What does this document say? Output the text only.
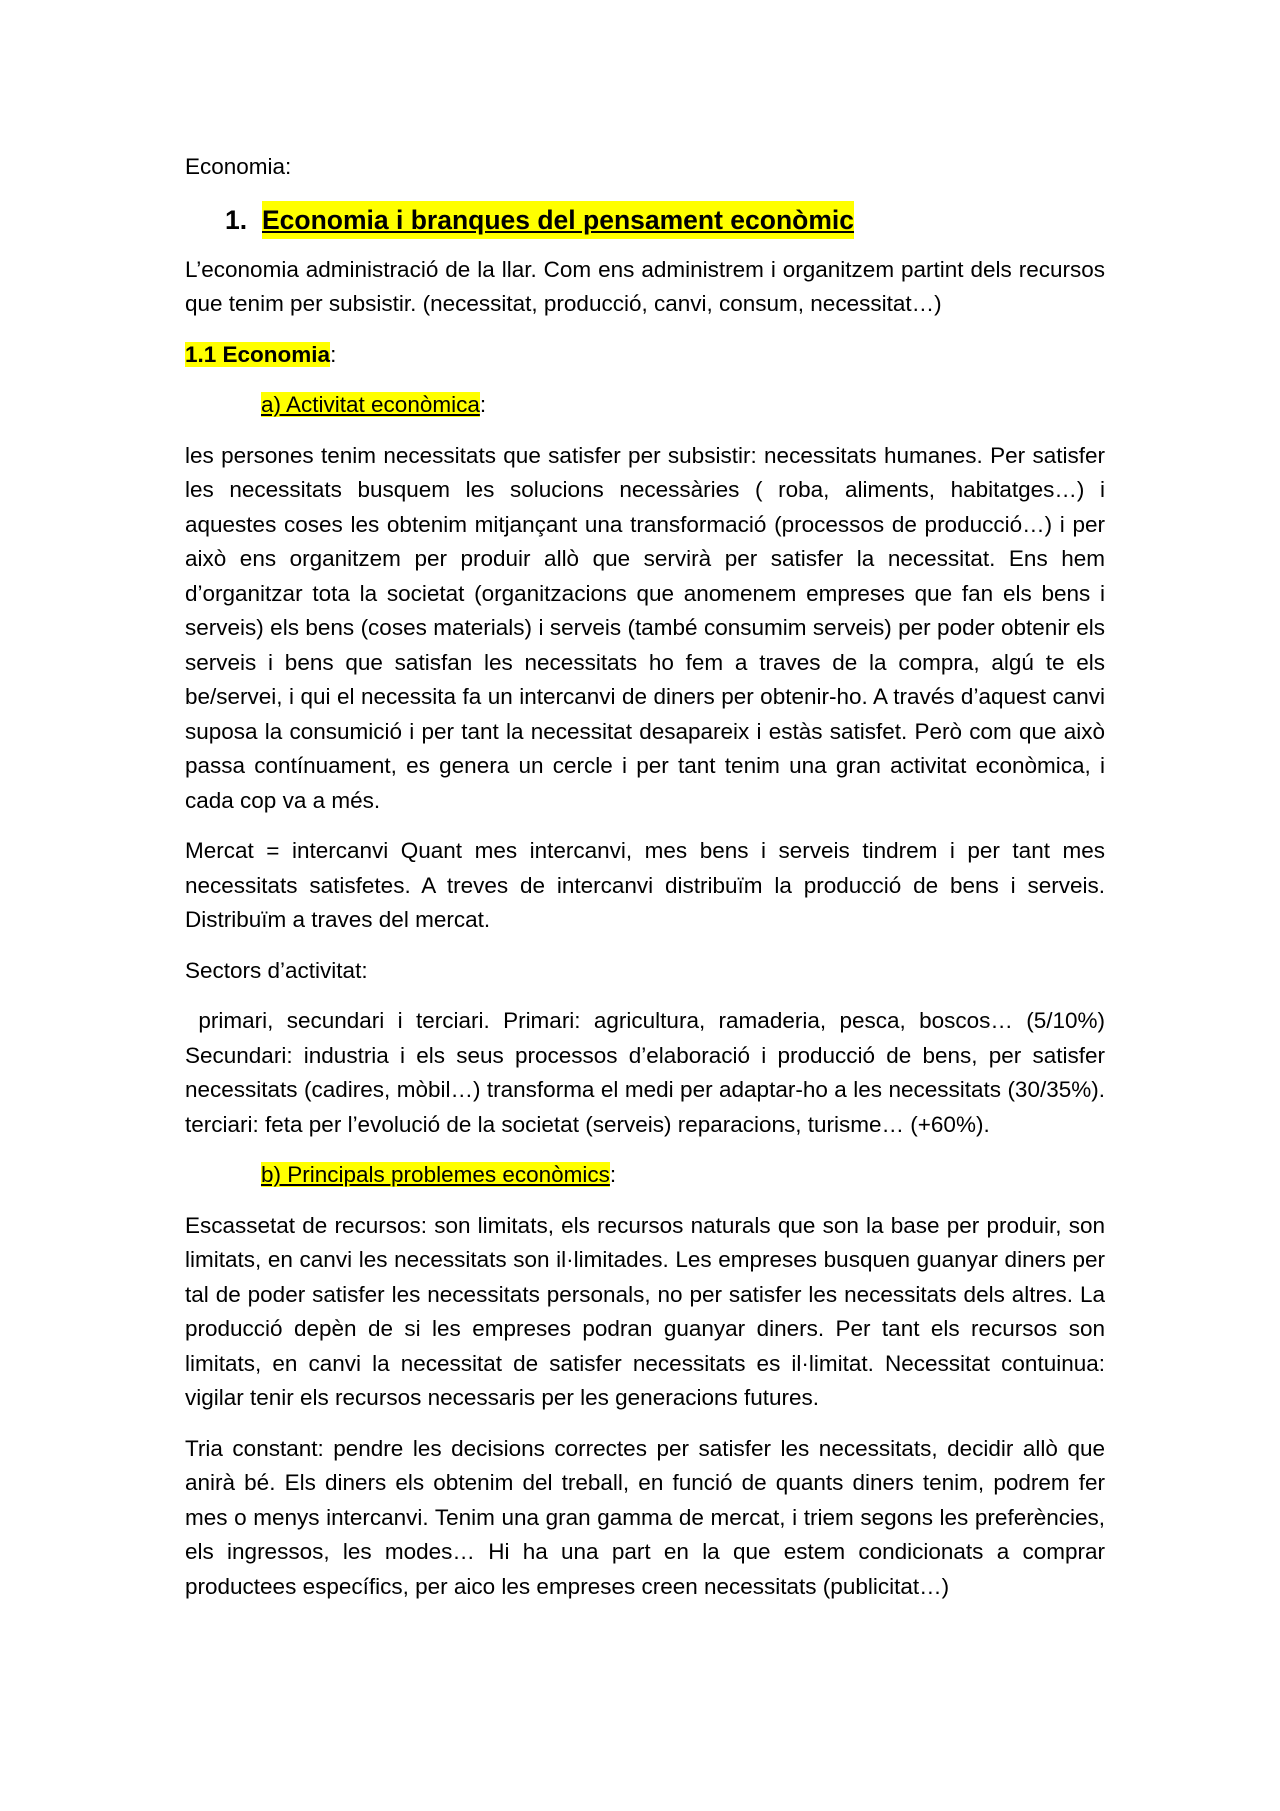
Economia:

1. Economia i branques del pensament econòmic

L’economia administració de la llar. Com ens administrem i organitzem partint dels recursos que tenim per subsistir. (necessitat, producció, canvi, consum, necessitat…)

1.1 Economia:

a) Activitat econòmica:

les persones tenim necessitats que satisfer per subsistir: necessitats humanes. Per satisfer les necessitats busquem les solucions necessàries ( roba, aliments, habitatges…) i aquestes coses les obtenim mitjançant una transformació (processos de producció…) i per això ens organitzem per produir allò que servirà per satisfer la necessitat. Ens hem d’organitzar tota la societat (organitzacions que anomenem empreses que fan els bens i serveis) els bens (coses materials) i serveis (també consumim serveis) per poder obtenir els serveis i bens que satisfan les necessitats ho fem a traves de la compra, algú te els be/servei, i qui el necessita fa un intercanvi de diners per obtenir-ho. A través d’aquest canvi suposa la consumició i per tant la necessitat desapareix i estàs satisfet. Però com que això passa contínuament, es genera un cercle i per tant tenim una gran activitat econòmica, i cada cop va a més.

Mercat = intercanvi Quant mes intercanvi, mes bens i serveis tindrem i per tant mes necessitats satisfetes. A treves de intercanvi distribuïm la producció de bens i serveis. Distribuïm a traves del mercat.

Sectors d’activitat:

primari, secundari i terciari. Primari: agricultura, ramaderia, pesca, boscos… (5/10%) Secundari: industria i els seus processos d’elaboració i producció de bens, per satisfer necessitats (cadires, mòbil…) transforma el medi per adaptar-ho a les necessitats (30/35%). terciari: feta per l’evolució de la societat (serveis) reparacions, turisme… (+60%).

b) Principals problemes econòmics:

Escassetat de recursos: son limitats, els recursos naturals que son la base per produir, son limitats, en canvi les necessitats son il·limitades. Les empreses busquen guanyar diners per tal de poder satisfer les necessitats personals, no per satisfer les necessitats dels altres. La producció depèn de si les empreses podran guanyar diners. Per tant els recursos son limitats, en canvi la necessitat de satisfer necessitats es il·limitat. Necessitat contuinua: vigilar tenir els recursos necessaris per les generacions futures.

Tria constant: pendre les decisions correctes per satisfer les necessitats, decidir allò que anirà bé. Els diners els obtenim del treball, en funció de quants diners tenim, podrem fer mes o menys intercanvi. Tenim una gran gamma de mercat, i triem segons les preferències, els ingressos, les modes… Hi ha una part en la que estem condicionats a comprar productees específics, per aico les empreses creen necessitats (publicitat…)
